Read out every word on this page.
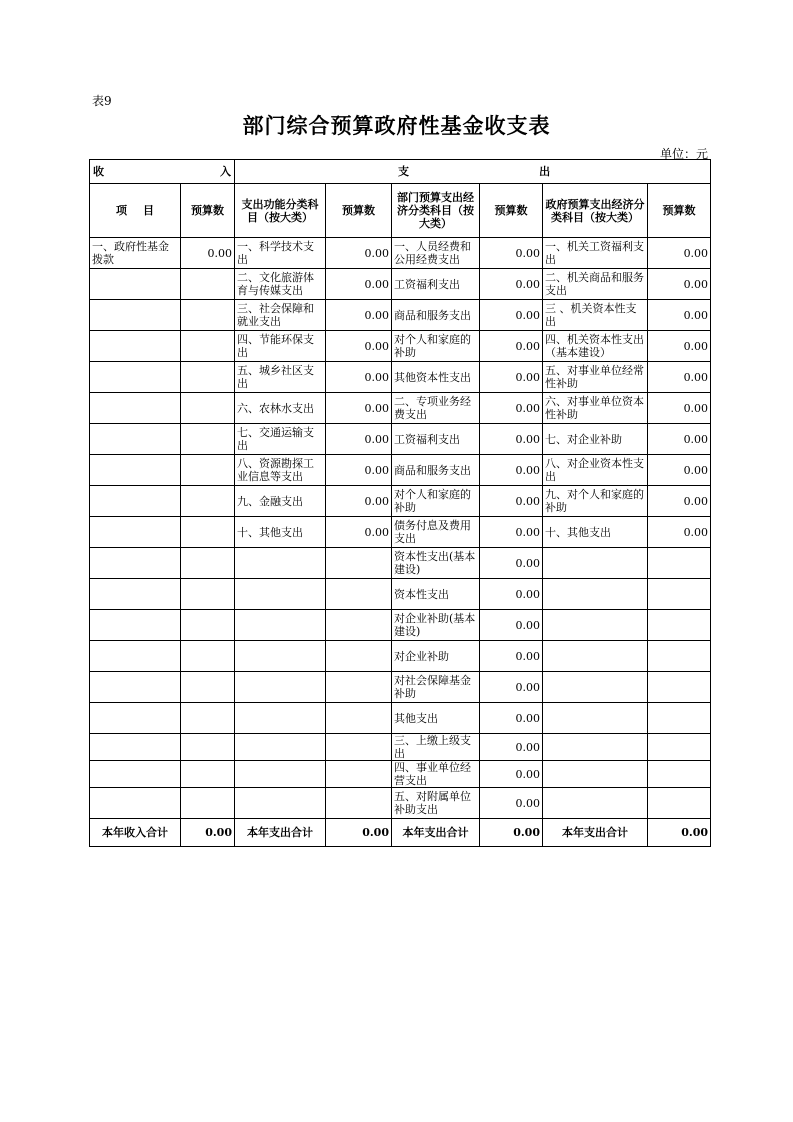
表9
部门综合预算政府性基金收支表
单位：元
收 入		支 出					

项 目	预算数	支出功能分类科目（按大类）	预算数	部门预算支出经济分类科目（按大类）	预算数	政府预算支出经济分类科目（按大类）	预算数
一、政府性基金拨款	0.00	一、科学技术支出	0.00	一、人员经费和公用经费支出	0.00	一、机关工资福利支出	0.00
		二、文化旅游体育与传媒支出	0.00	工资福利支出	0.00	二、机关商品和服务支出	0.00
		三、社会保障和就业支出	0.00	商品和服务支出	0.00	三 、机关资本性支出	0.00
		四、节能环保支出	0.00	对个人和家庭的补助	0.00	四、机关资本性支出（基本建设）	0.00
		五、城乡社区支出	0.00	其他资本性支出	0.00	五、对事业单位经常性补助	0.00
		六、农林水支出	0.00	二、专项业务经费支出	0.00	六、对事业单位资本性补助	0.00
		七、交通运输支出	0.00	工资福利支出	0.00	七、对企业补助	0.00
		八、资源勘探工业信息等支出	0.00	商品和服务支出	0.00	八、对企业资本性支出	0.00
		九、金融支出	0.00	对个人和家庭的补助	0.00	九、对个人和家庭的补助	0.00
		十、其他支出	0.00	债务付息及费用支出	0.00	十、其他支出	0.00
				资本性支出(基本建设)	0.00		
				资本性支出	0.00		
				对企业补助(基本建设)	0.00		
				对企业补助	0.00		
				对社会保障基金补助	0.00		
				其他支出	0.00		
				三、上缴上级支出	0.00		
				四、事业单位经营支出	0.00		
				五、对附属单位补助支出	0.00		
本年收入合计	0.00	本年支出合计	0.00	本年支出合计	0.00	本年支出合计	0.00
